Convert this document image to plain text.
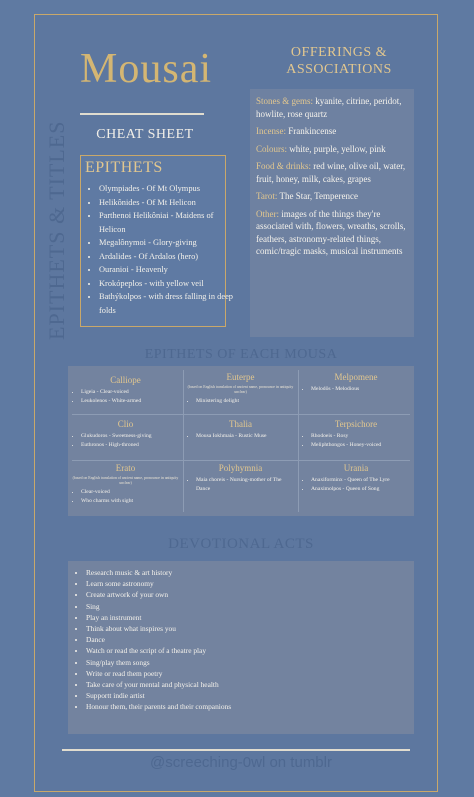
Mousai
CHEAT SHEET
EPITHETS & TITLES EPITHETS
• Olympiades - Of Mt Olympus
• Helikônides - Of Mt Helicon
• Parthenoi Helikôniai - Maidens of Helicon
• Megalônymoi - Glory-giving
• Ardalides - Of Ardalos (hero)
• Ouranioi - Heavenly
• Krokópeplos - with yellow veil
• Bathýkolpos - with dress falling in deep folds
OFFERINGS &
ASSOCIATIONS

Stones & gems: kyanite, citrine, peridot, howlite, rose quartz

Incense: Frankincense

Colours: white, purple, yellow, pink

Food & drinks: red wine, olive oil, water, fruit, honey, milk, cakes, grapes

Tarot: The Star, Temperence

Other: images of the things they're associated with, flowers, wreaths, scrolls, feathers, astronomy-related things, comic/tragic masks, musical instruments

EPITHETS OF EACH MOUSA
Calliope
• Ligeia - Clear-voiced
• Leukolenos - White-armed
Euterpe
(based on English translation of ancient name, pronounce in antiquity unclear)
• Ministering delight
Melpomene
• Melodôs - Melodious
Clio
• Glukudoros - Sweetness-giving
• Euthronos - High-throned
Thalia
• Mousa Iokhmaia - Rustic Muse
Terpsichore
• Rhodoeis - Rosy
• Meliphthongos - Honey-voiced
Erato
(based on English translation of ancient name, pronounce in antiquity unclear)
• Clear-voiced
• Who charms with sight
Polyhymnia
• Maia choreis - Nursing-mother of The Dance
Urania
• Anaxiforminx - Queen of The Lyre
• Anaximolpos - Queen of Song
DEVOTIONAL ACTS
• Research music & art history
• Learn some astronomy
• Create artwork of your own
• Sing
• Play an instrument
• Think about what inspires you
• Dance
• Watch or read the script of a theatre play
• Sing/play them songs
• Write or read them poetry
• Take care of your mental and physical health
• Supportt indie artist
• Honour them, their parents and their companions
@screeching-0wl on tumblr
